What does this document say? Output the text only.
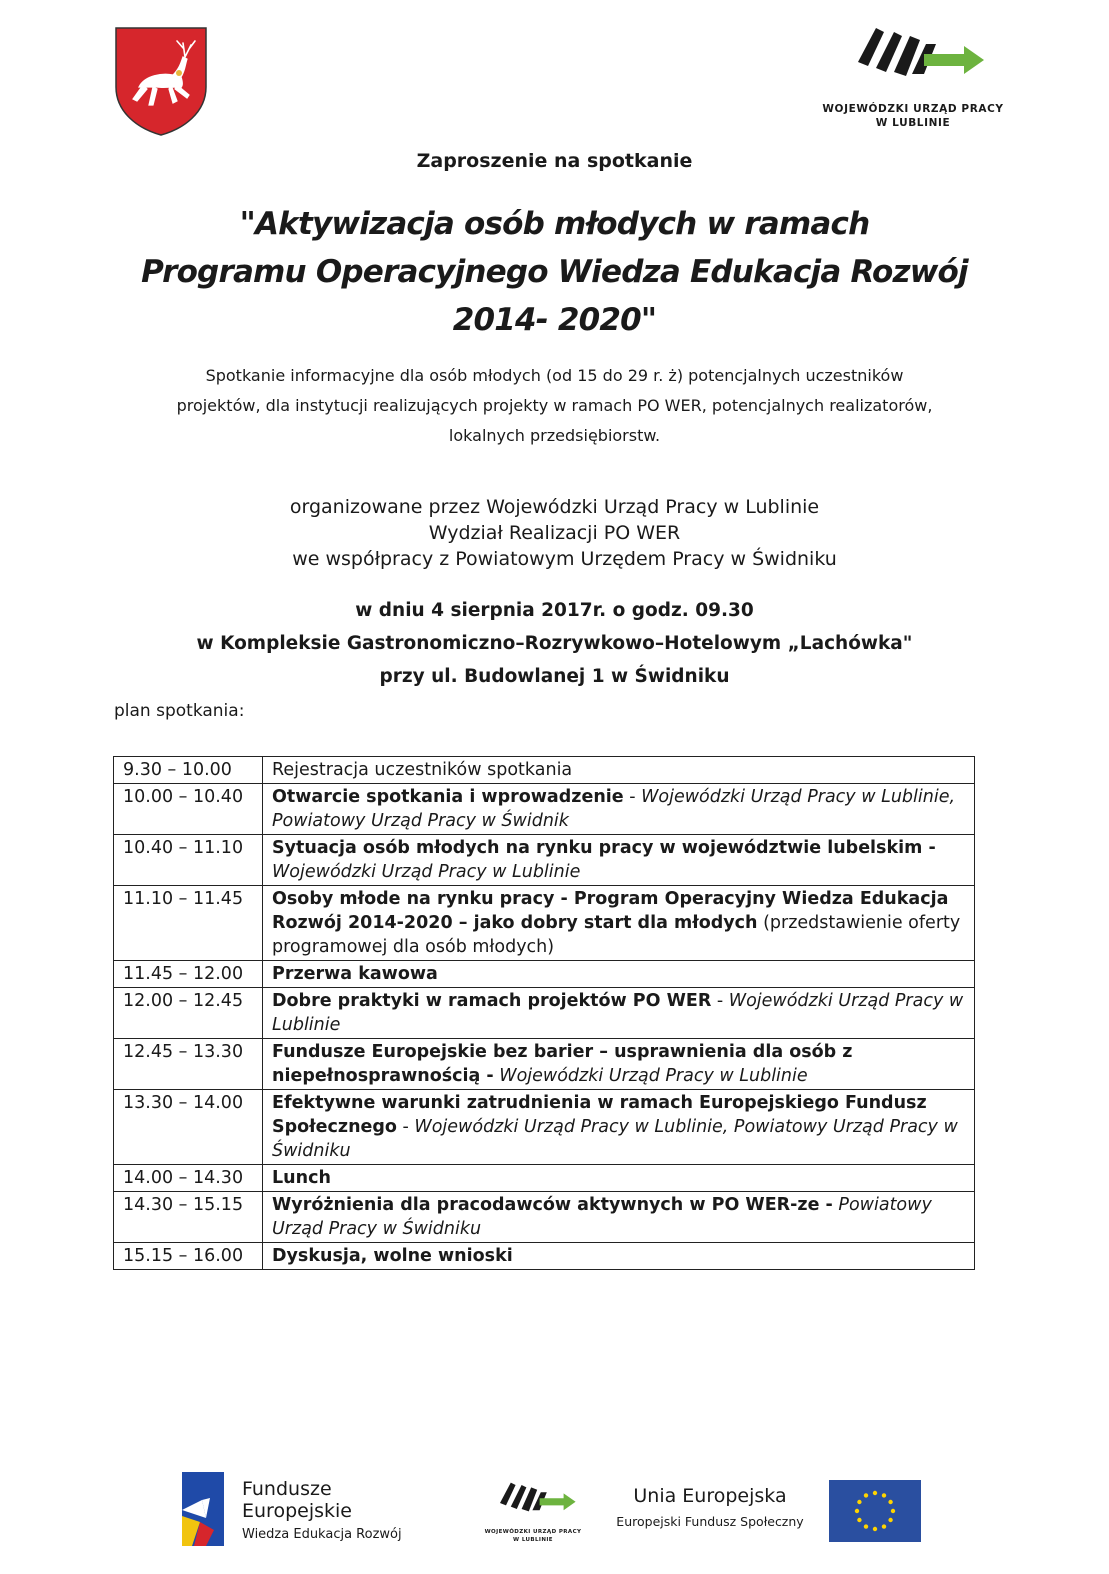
WOJEWÓDZKI URZĄD PRACY
W LUBLINIE
Zaproszenie na spotkanie
"Aktywizacja osób młodych w ramach
Programu Operacyjnego Wiedza Edukacja Rozwój
2014- 2020"
Spotkanie informacyjne dla osób młodych (od 15 do 29 r. ż) potencjalnych uczestników
projektów, dla instytucji realizujących projekty w ramach PO WER, potencjalnych realizatorów,
lokalnych przedsiębiorstw.
organizowane przez Wojewódzki Urząd Pracy w Lublinie
Wydział Realizacji PO WER
we współpracy z Powiatowym Urzędem Pracy w Świdniku
w dniu 4 sierpnia 2017r. o godz. 09.30
w Kompleksie Gastronomiczno–Rozrywkowo–Hotelowym „Lachówka"
przy ul. Budowlanej 1 w Świdniku
plan spotkania:
9.30 – 10.00	Rejestracja uczestników spotkania
10.00 – 10.40	Otwarcie spotkania i wprowadzenie - Wojewódzki Urząd Pracy w Lublinie, Powiatowy Urząd Pracy w Świdnik
10.40 – 11.10	Sytuacja osób młodych na rynku pracy w województwie lubelskim - Wojewódzki Urząd Pracy w Lublinie
11.10 – 11.45	Osoby młode na rynku pracy - Program Operacyjny Wiedza Edukacja Rozwój 2014-2020 – jako dobry start dla młodych (przedstawienie oferty programowej dla osób młodych)
11.45 – 12.00	Przerwa kawowa
12.00 – 12.45	Dobre praktyki w ramach projektów PO WER - Wojewódzki Urząd Pracy w Lublinie
12.45 – 13.30	Fundusze Europejskie bez barier – usprawnienia dla osób z niepełnosprawnością - Wojewódzki Urząd Pracy w Lublinie
13.30 – 14.00	Efektywne warunki zatrudnienia w ramach Europejskiego Fundusz Społecznego - Wojewódzki Urząd Pracy w Lublinie, Powiatowy Urząd Pracy w Świdniku
14.00 – 14.30	Lunch
14.30 – 15.15	Wyróżnienia dla pracodawców aktywnych w PO WER-ze - Powiatowy Urząd Pracy w Świdniku
15.15 – 16.00	Dyskusja, wolne wnioski
Fundusze
Europejskie
Wiedza Edukacja Rozwój	WOJEWÓDZKI URZĄD PRACY
W LUBLINIE
Unia Europejska
Europejski Fundusz Społeczny
